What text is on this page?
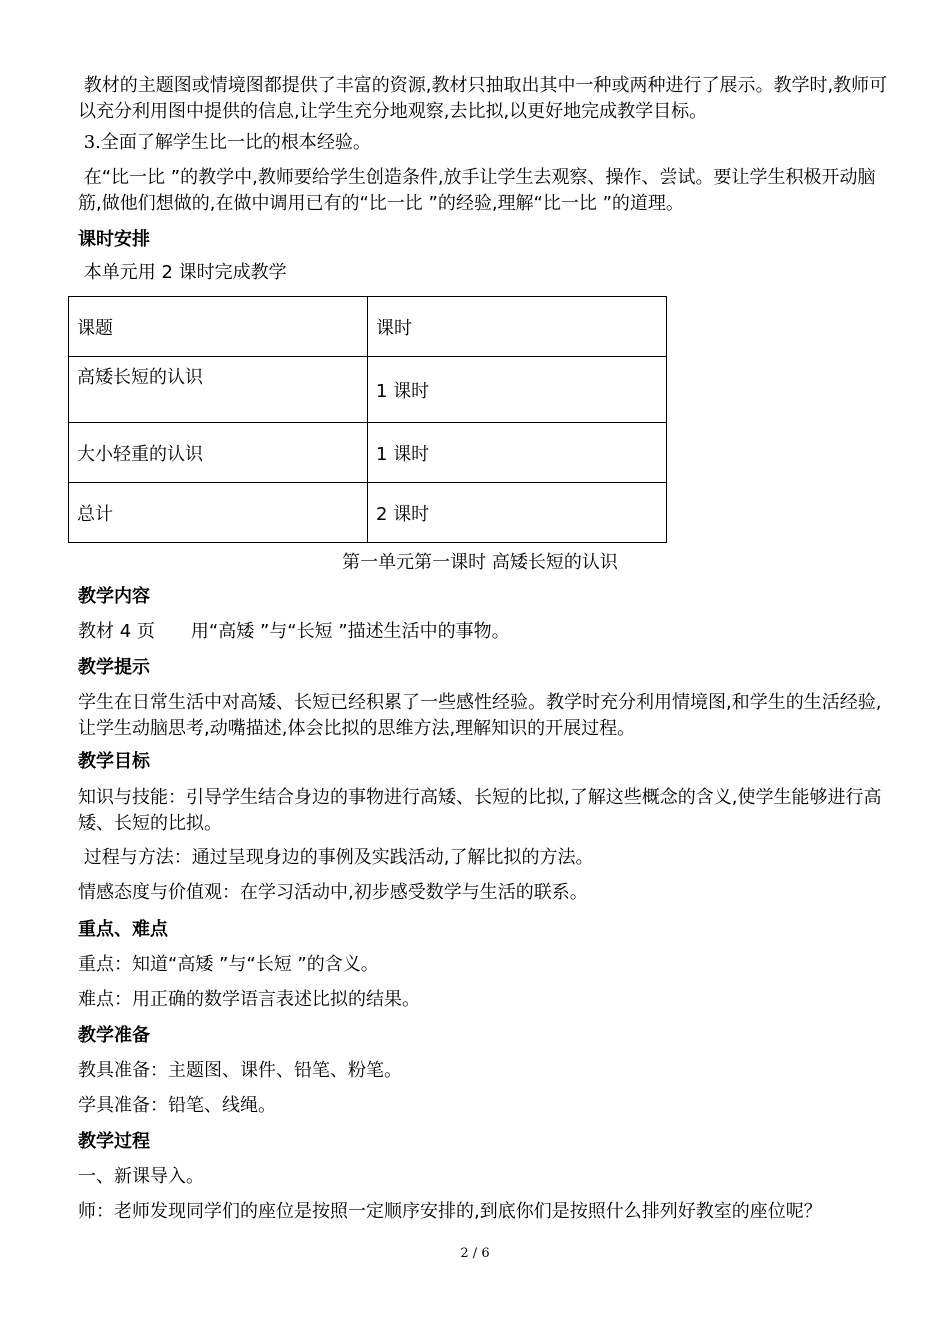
教材的主题图或情境图都提供了丰富的资源,教材只抽取出其中一种或两种进行了展示。教学时,教师可以充分利用图中提供的信息,让学生充分地观察,去比拟,以更好地完成教学目标。

3.全面了解学生比一比的根本经验。

在“比一比 ”的教学中,教师要给学生创造条件,放手让学生去观察、操作、尝试。要让学生积极开动脑筋,做他们想做的,在做中调用已有的“比一比 ”的经验,理解“比一比 ”的道理。

课时安排

本单元用 2 课时完成教学

课题	课时
高矮长短的认识	1 课时
大小轻重的认识	1 课时
总计	2 课时
第一单元第一课时 高矮长短的认识

教学内容

教材 4 页　　用“高矮 ”与“长短 ”描述生活中的事物。

教学提示

学生在日常生活中对高矮、长短已经积累了一些感性经验。教学时充分利用情境图,和学生的生活经验,让学生动脑思考,动嘴描述,体会比拟的思维方法,理解知识的开展过程。

教学目标

知识与技能：引导学生结合身边的事物进行高矮、长短的比拟,了解这些概念的含义,使学生能够进行高矮、长短的比拟。

过程与方法：通过呈现身边的事例及实践活动,了解比拟的方法。

情感态度与价值观：在学习活动中,初步感受数学与生活的联系。

重点、难点

重点：知道“高矮 ”与“长短 ”的含义。

难点：用正确的数学语言表述比拟的结果。

教学准备

教具准备：主题图、课件、铅笔、粉笔。

学具准备：铅笔、线绳。

教学过程

一、新课导入。

师：老师发现同学们的座位是按照一定顺序安排的,到底你们是按照什么排列好教室的座位呢？

2 / 6
